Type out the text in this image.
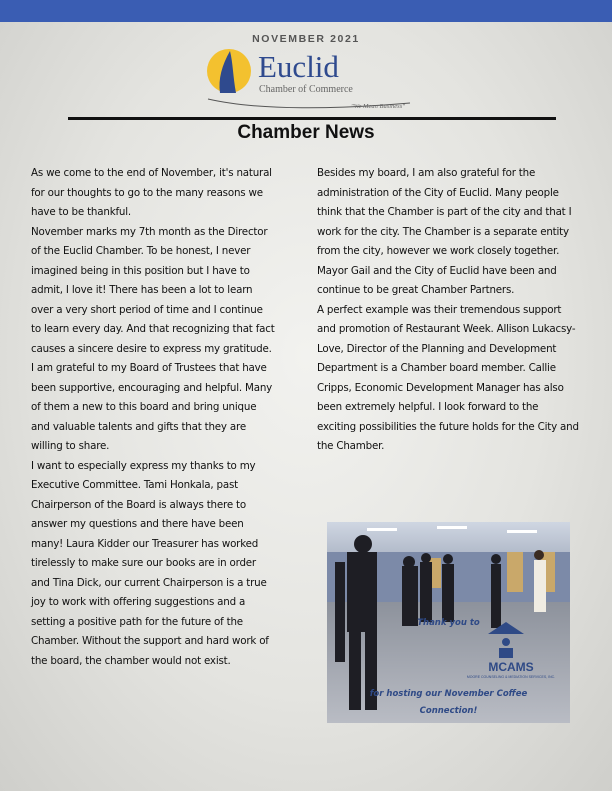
NOVEMBER 2021
Euclid
Chamber of Commerce
"We Mean Business"
Chamber News

As we come to the end of November, it's natural for our thoughts to go to the many reasons we have to be thankful.

November marks my 7th month as the Director of the Euclid Chamber. To be honest, I never imagined being in this position but I have to admit, I love it! There has been a lot to learn over a very short period of time and I continue to learn every day. And that recognizing that fact causes a sincere desire to express my gratitude.

I am grateful to my Board of Trustees that have been supportive, encouraging and helpful. Many of them a new to this board and bring unique and valuable talents and gifts that they are willing to share.

I want to especially express my thanks to my Executive Committee. Tami Honkala, past Chairperson of the Board is always there to answer my questions and there have been many! Laura Kidder our Treasurer has worked tirelessly to make sure our books are in order and Tina Dick, our current Chairperson is a true joy to work with offering suggestions and a setting a positive path for the future of the Chamber. Without the support and hard work of the board, the chamber would not exist.

Besides my board, I am also grateful for the administration of the City of Euclid. Many people think that the Chamber is part of the city and that I work for the city. The Chamber is a separate entity from the city, however we work closely together.

Mayor Gail and the City of Euclid have been and continue to be great Chamber Partners.

A perfect example was their tremendous support and promotion of Restaurant Week. Allison Lukacsy-Love, Director of the Planning and Development Department is a Chamber board member. Callie Cripps, Economic Development Manager has also been extremely helpful. I look forward to the exciting possibilities the future holds for the City and the Chamber.

Thank you to
MCAMS
MOORE COUNSELING & MEDIATION SERVICES, INC.
for hosting our November Coffee
Connection!
